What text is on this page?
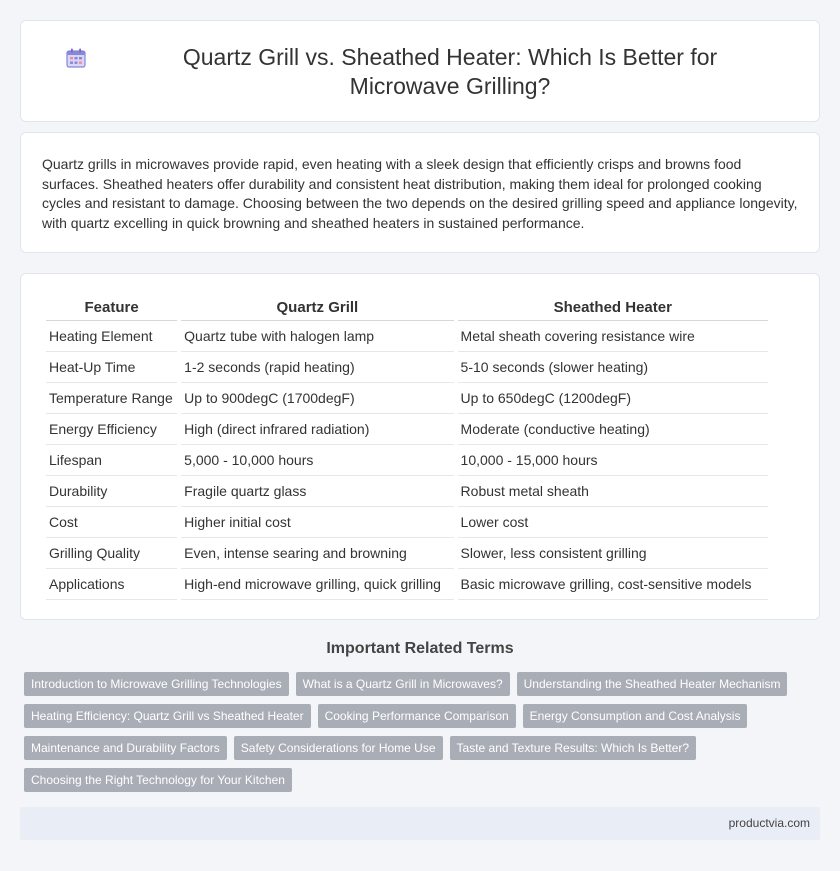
Quartz Grill vs. Sheathed Heater: Which Is Better for Microwave Grilling?

Quartz grills in microwaves provide rapid, even heating with a sleek design that efficiently crisps and browns food surfaces. Sheathed heaters offer durability and consistent heat distribution, making them ideal for prolonged cooking cycles and resistant to damage. Choosing between the two depends on the desired grilling speed and appliance longevity, with quartz excelling in quick browning and sheathed heaters in sustained performance.

Feature	Quartz Grill	Sheathed Heater
Heating Element	Quartz tube with halogen lamp	Metal sheath covering resistance wire
Heat-Up Time	1-2 seconds (rapid heating)	5-10 seconds (slower heating)
Temperature Range	Up to 900degC (1700degF)	Up to 650degC (1200degF)
Energy Efficiency	High (direct infrared radiation)	Moderate (conductive heating)
Lifespan	5,000 - 10,000 hours	10,000 - 15,000 hours
Durability	Fragile quartz glass	Robust metal sheath
Cost	Higher initial cost	Lower cost
Grilling Quality	Even, intense searing and browning	Slower, less consistent grilling
Applications	High-end microwave grilling, quick grilling	Basic microwave grilling, cost-sensitive models
Important Related Terms
Introduction to Microwave Grilling Technologies	What is a Quartz Grill in Microwaves?	Understanding the Sheathed Heater Mechanism
Heating Efficiency: Quartz Grill vs Sheathed Heater	Cooking Performance Comparison	Energy Consumption and Cost Analysis
Maintenance and Durability Factors	Safety Considerations for Home Use	Taste and Texture Results: Which Is Better?
Choosing the Right Technology for Your Kitchen
productvia.com
